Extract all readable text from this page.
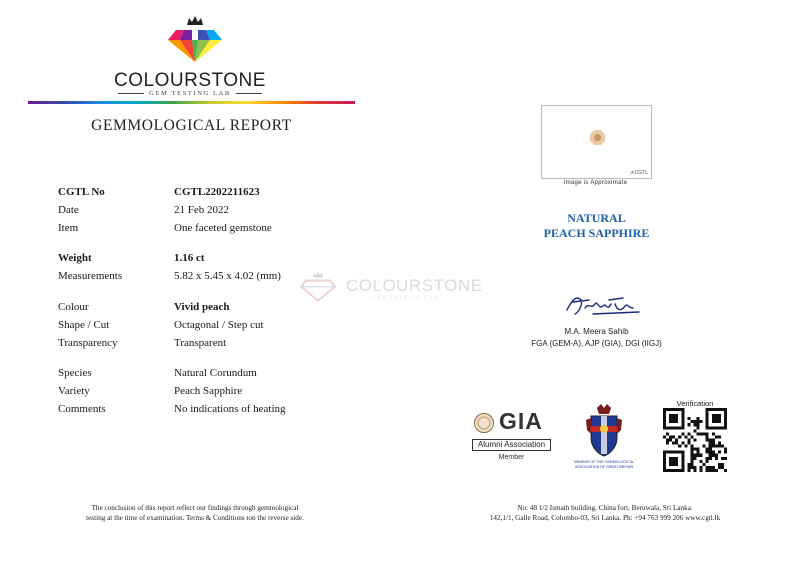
COLOURSTONE
GEM TESTING LAB
GEMMOLOGICAL REPORT
CGTL No	CGTL2202211623
Date	21 Feb 2022
Item	One faceted gemstone
Weight	1.16 ct
Measurements	5.82 x 5.45 x 4.02 (mm)
Colour	Vivid peach
Shape / Cut	Octagonal / Step cut
Transparency	Transparent
Species	Natural Corundum
Variety	Peach Sapphire
Comments	No indications of heating
COLOURSTONE
GEM TESTING LAB
♔CGTL
Image is Approximate
NATURAL
PEACH SAPPHIRE
M.A. Meera Sahib
FGA (GEM-A), AJP (GIA), DGI (IIGJ)
GIA
Alumni Association
Member
MEMBER OF THE GEMMOLOGICAL
ASSOCIATION OF GREAT BRITAIN
Verification
The conclusion of this report reflect our findings through gemmological
testing at the time of examination. Terms & Conditions ton the reverse side.
No: 48 1/2 Ismath building, China fort, Beruwala, Sri Lanka.
142,1/1, Galle Road, Colombo-03, Sri Lanka. Ph: +94 763 999 206 www.cgtl.lk
